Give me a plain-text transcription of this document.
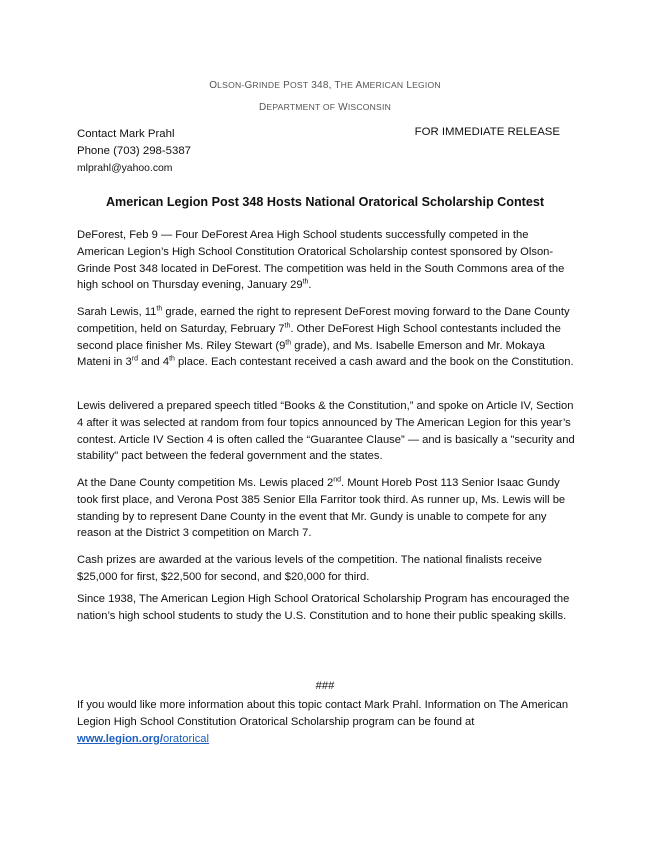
OLSON-GRINDE POST 348, THE AMERICAN LEGION
DEPARTMENT OF WISCONSIN
Contact Mark Prahl
Phone (703) 298-5387
mlprahl@yahoo.com
FOR IMMEDIATE RELEASE
American Legion Post 348 Hosts National Oratorical Scholarship Contest

DeForest, Feb 9 — Four DeForest Area High School students successfully competed in the American Legion’s High School Constitution Oratorical Scholarship contest sponsored by Olson-Grinde Post 348 located in DeForest. The competition was held in the South Commons area of the high school on Thursday evening, January 29th.

Sarah Lewis, 11th grade, earned the right to represent DeForest moving forward to the Dane County competition, held on Saturday, February 7th. Other DeForest High School contestants included the second place finisher Ms. Riley Stewart (9th grade), and Ms. Isabelle Emerson and Mr. Mokaya Mateni in 3rd and 4th place. Each contestant received a cash award and the book on the Constitution.

Lewis delivered a prepared speech titled “Books & the Constitution,” and spoke on Article IV, Section 4 after it was selected at random from four topics announced by The American Legion for this year’s contest. Article IV Section 4 is often called the “Guarantee Clause” — and is basically a "security and stability" pact between the federal government and the states.

At the Dane County competition Ms. Lewis placed 2nd. Mount Horeb Post 113 Senior Isaac Gundy took first place, and Verona Post 385 Senior Ella Farritor took third. As runner up, Ms. Lewis will be standing by to represent Dane County in the event that Mr. Gundy is unable to compete for any reason at the District 3 competition on March 7.

Cash prizes are awarded at the various levels of the competition. The national finalists receive $25,000 for first, $22,500 for second, and $20,000 for third.

Since 1938, The American Legion High School Oratorical Scholarship Program has encouraged the nation’s high school students to study the U.S. Constitution and to hone their public speaking skills.

###

If you would like more information about this topic contact Mark Prahl. Information on The American Legion High School Constitution Oratorical Scholarship program can be found at www.legion.org/oratorical
